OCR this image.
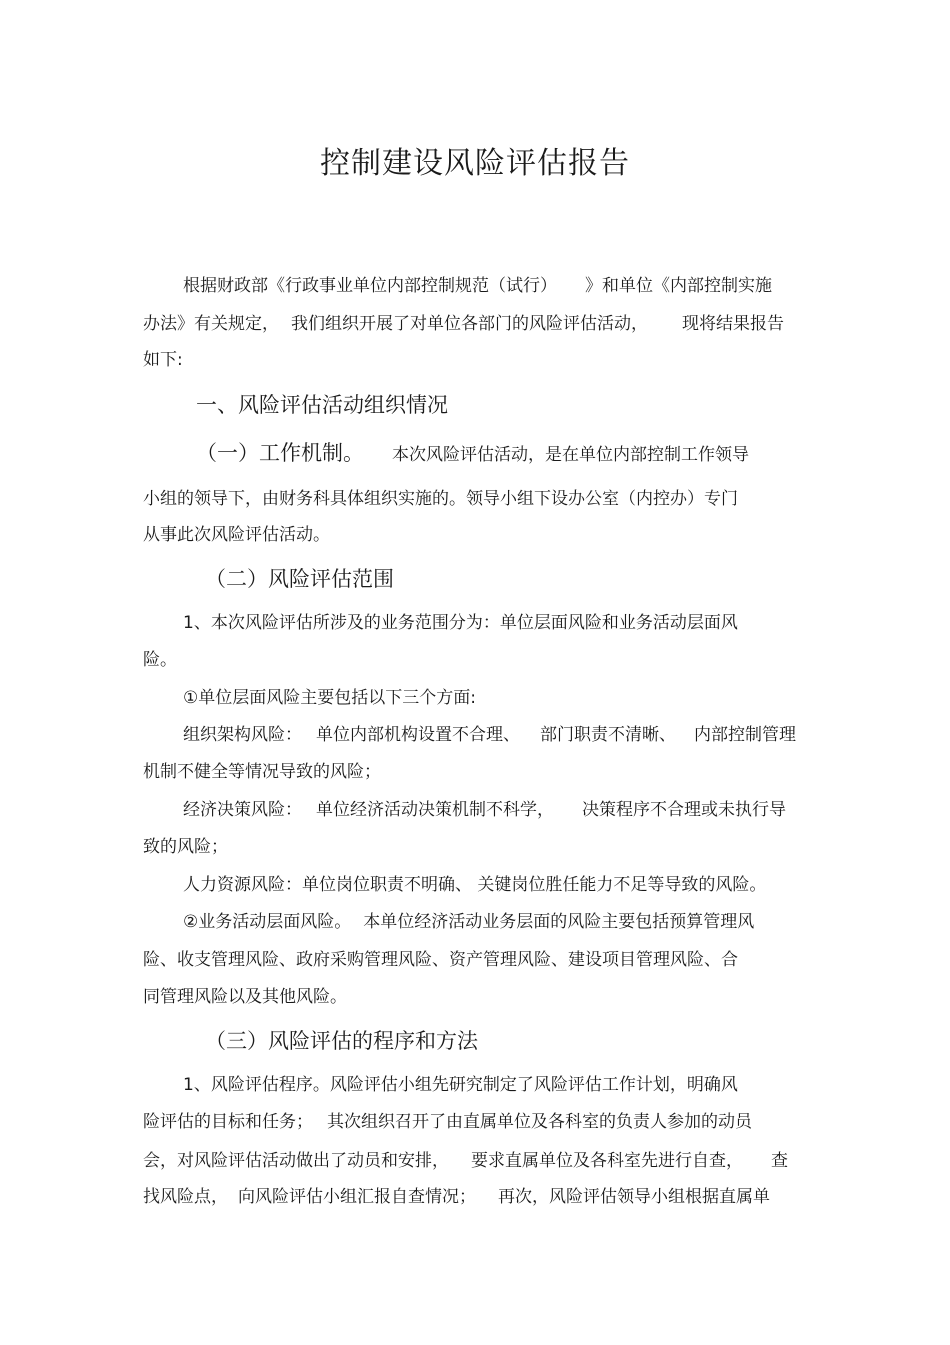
控制建设风险评估报告
根据财政部《行政事业单位内部控制规范（试行） 》和单位《内部控制实施
办法》有关规定， 我们组织开展了对单位各部门的风险评估活动， 现将结果报告
如下:
一、风险评估活动组织情况
（一）工作机制。 本次风险评估活动，是在单位内部控制工作领导
小组的领导下，由财务科具体组织实施的。领导小组下设办公室（内控办）专门
从事此次风险评估活动。
（二）风险评估范围
1、本次风险评估所涉及的业务范围分为：单位层面风险和业务活动层面风
险。
①单位层面风险主要包括以下三个方面:
组织架构风险： 单位内部机构设置不合理、 部门职责不清晰、 内部控制管理
机制不健全等情况导致的风险；
经济决策风险： 单位经济活动决策机制不科学， 决策程序不合理或未执行导
致的风险；
人力资源风险：单位岗位职责不明确、 关键岗位胜任能力不足等导致的风险。
②业务活动层面风险。 本单位经济活动业务层面的风险主要包括预算管理风
险、收支管理风险、政府采购管理风险、资产管理风险、建设项目管理风险、合
同管理风险以及其他风险。
（三）风险评估的程序和方法
1、风险评估程序。风险评估小组先研究制定了风险评估工作计划，明确风
险评估的目标和任务； 其次组织召开了由直属单位及各科室的负责人参加的动员
会，对风险评估活动做出了动员和安排， 要求直属单位及各科室先进行自查， 查
找风险点， 向风险评估小组汇报自查情况； 再次，风险评估领导小组根据直属单
